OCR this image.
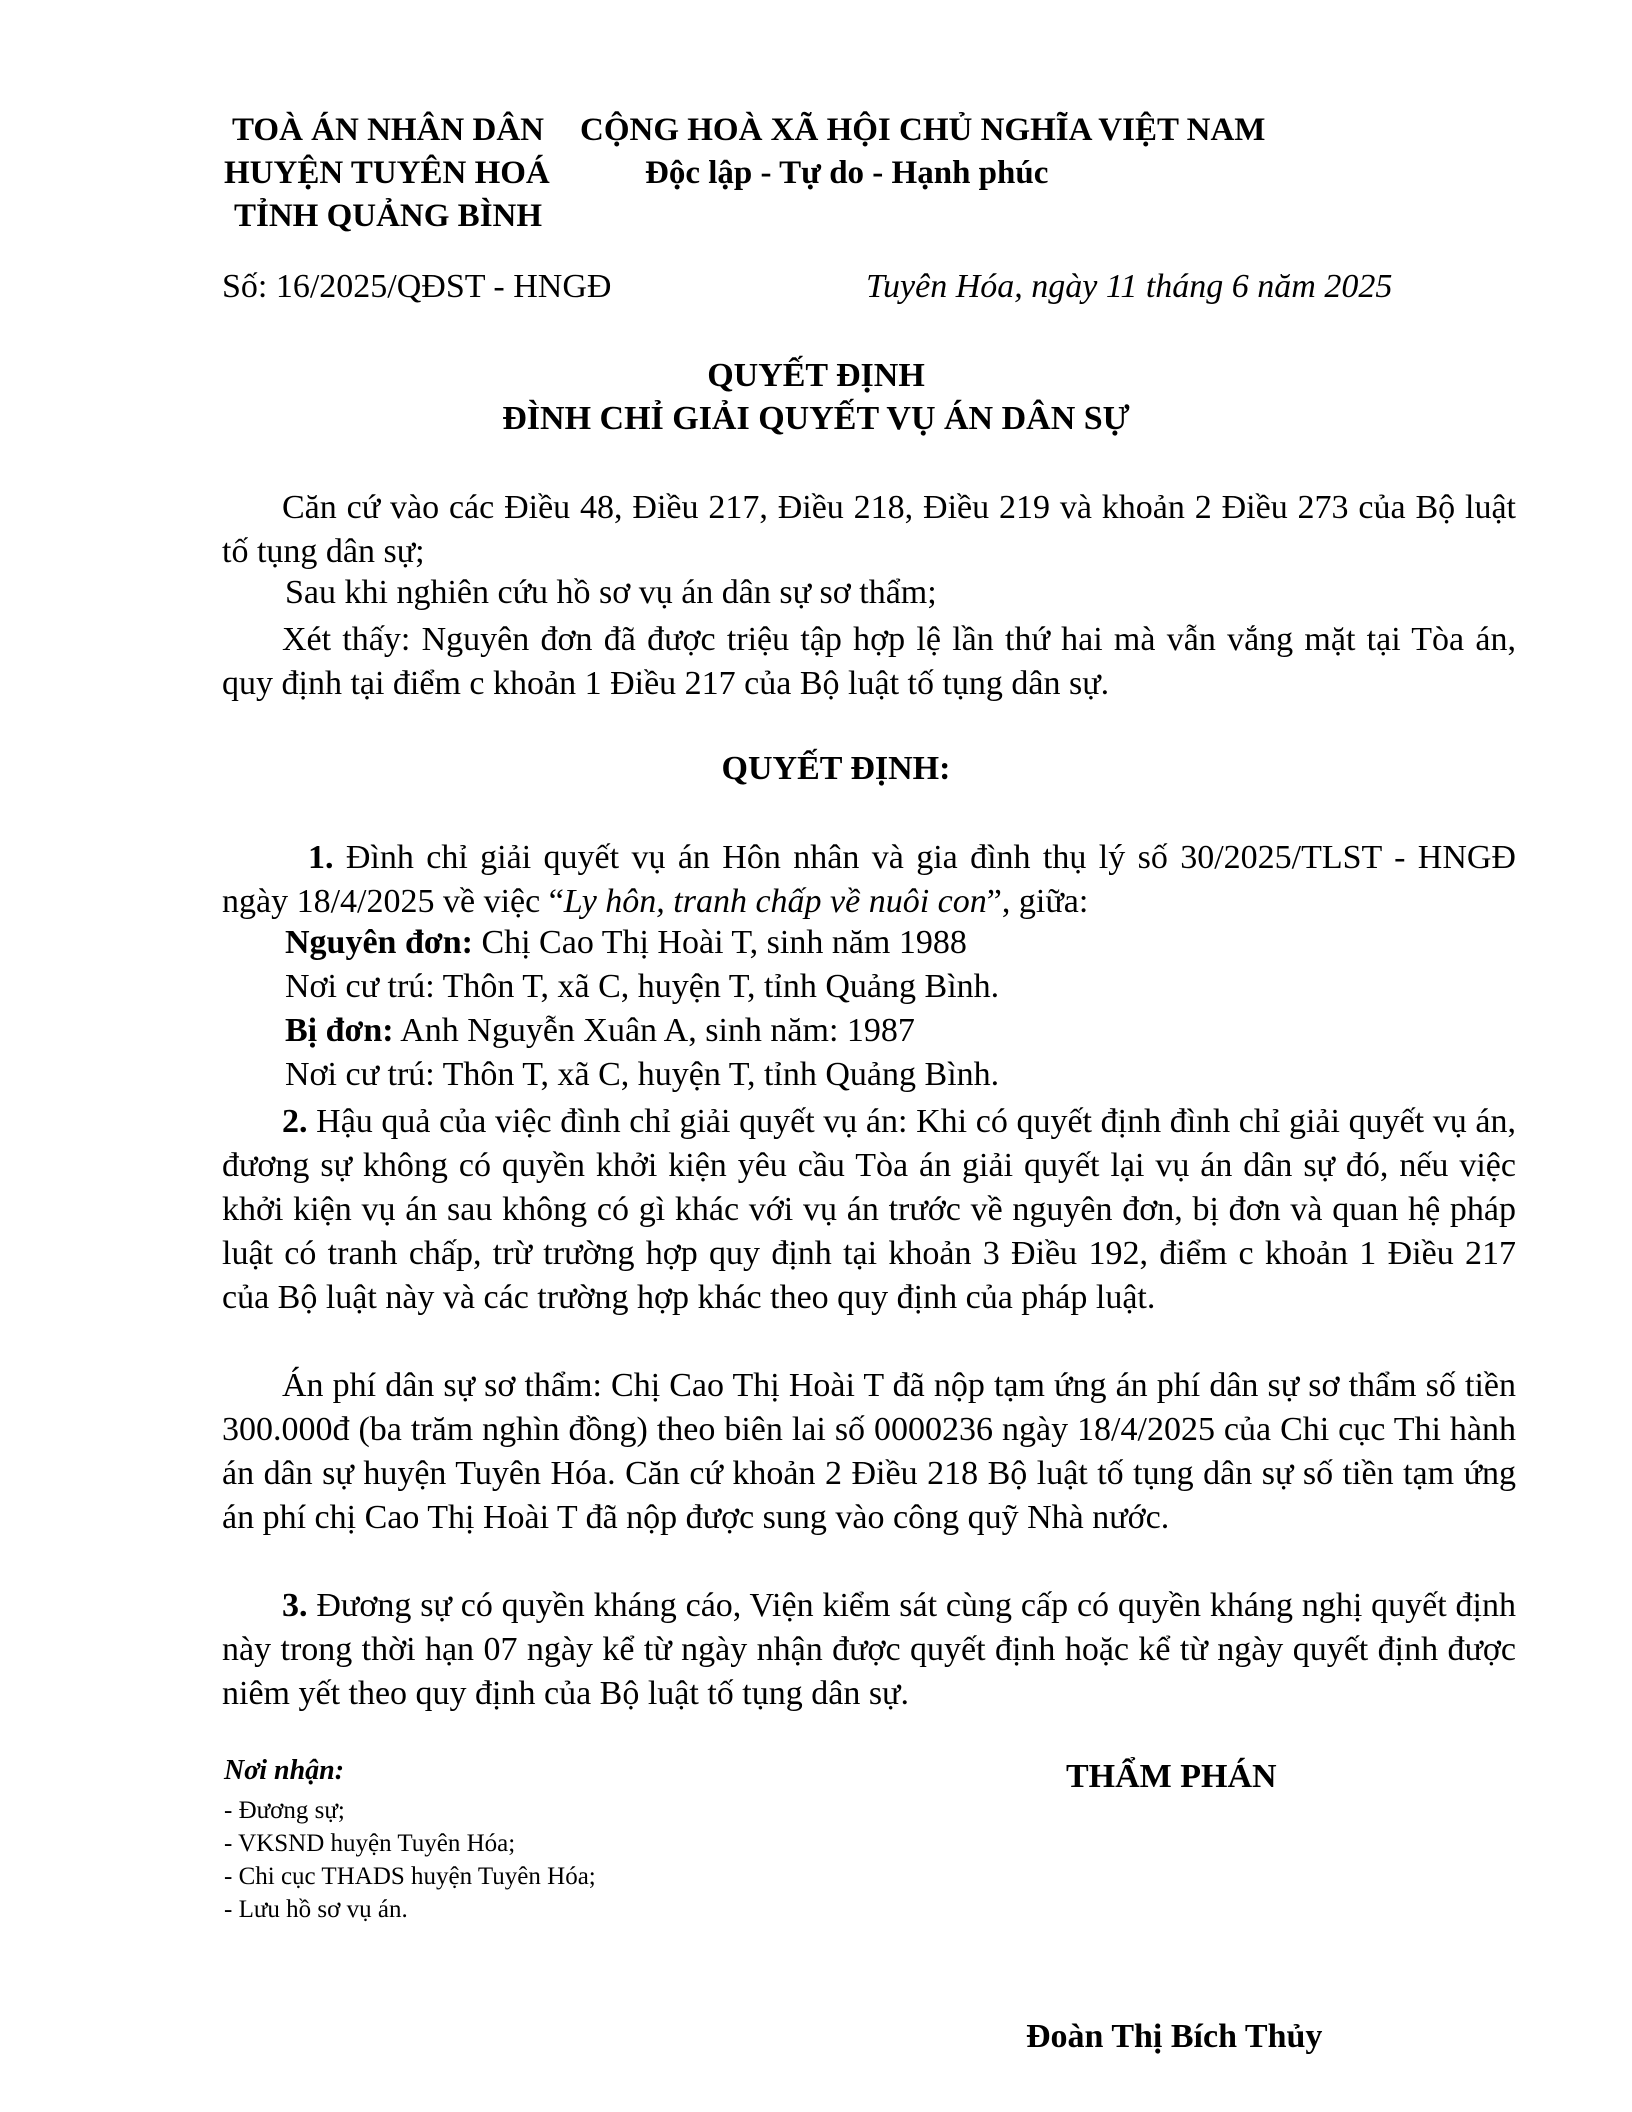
TOÀ ÁN NHÂN DÂN
HUYỆN TUYÊN HOÁ
TỈNH QUẢNG BÌNH
CỘNG HOÀ XÃ HỘI CHỦ NGHĨA VIỆT NAM
Độc lập - Tự do - Hạnh phúc
Số: 16/2025/QĐST - HNGĐ	Tuyên Hóa, ngày 11 tháng 6 năm 2025
QUYẾT ĐỊNH
ĐÌNH CHỈ GIẢI QUYẾT VỤ ÁN DÂN SỰ
Căn cứ vào các Điều 48, Điều 217, Điều 218, Điều 219 và khoản 2 Điều 273 của Bộ luật tố tụng dân sự;
Sau khi nghiên cứu hồ sơ vụ án dân sự sơ thẩm;
Xét thấy: Nguyên đơn đã được triệu tập hợp lệ lần thứ hai mà vẫn vắng mặt tại Tòa án, quy định tại điểm c khoản 1 Điều 217 của Bộ luật tố tụng dân sự.
QUYẾT ĐỊNH:
1. Đình chỉ giải quyết vụ án Hôn nhân và gia đình thụ lý số 30/2025/TLST - HNGĐ ngày 18/4/2025 về việc “Ly hôn, tranh chấp về nuôi con”, giữa:
Nguyên đơn: Chị Cao Thị Hoài T, sinh năm 1988
Nơi cư trú: Thôn T, xã C, huyện T, tỉnh Quảng Bình.
Bị đơn: Anh Nguyễn Xuân A, sinh năm: 1987
Nơi cư trú: Thôn T, xã C, huyện T, tỉnh Quảng Bình.
2. Hậu quả của việc đình chỉ giải quyết vụ án: Khi có quyết định đình chỉ giải quyết vụ án, đương sự không có quyền khởi kiện yêu cầu Tòa án giải quyết lại vụ án dân sự đó, nếu việc khởi kiện vụ án sau không có gì khác với vụ án trước về nguyên đơn, bị đơn và quan hệ pháp luật có tranh chấp, trừ trường hợp quy định tại khoản 3 Điều 192, điểm c khoản 1 Điều 217 của Bộ luật này và các trường hợp khác theo quy định của pháp luật.
Án phí dân sự sơ thẩm: Chị Cao Thị Hoài T đã nộp tạm ứng án phí dân sự sơ thẩm số tiền 300.000đ (ba trăm nghìn đồng) theo biên lai số 0000236 ngày 18/4/2025 của Chi cục Thi hành án dân sự huyện Tuyên Hóa. Căn cứ khoản 2 Điều 218 Bộ luật tố tụng dân sự số tiền tạm ứng án phí chị Cao Thị Hoài T đã nộp được sung vào công quỹ Nhà nước.
3. Đương sự có quyền kháng cáo, Viện kiểm sát cùng cấp có quyền kháng nghị quyết định này trong thời hạn 07 ngày kể từ ngày nhận được quyết định hoặc kể từ ngày quyết định được niêm yết theo quy định của Bộ luật tố tụng dân sự.
Nơi nhận:
- Đương sự;
- VKSND huyện Tuyên Hóa;
- Chi cục THADS huyện Tuyên Hóa;
- Lưu hồ sơ vụ án.
THẨM PHÁN
Đoàn Thị Bích Thủy
